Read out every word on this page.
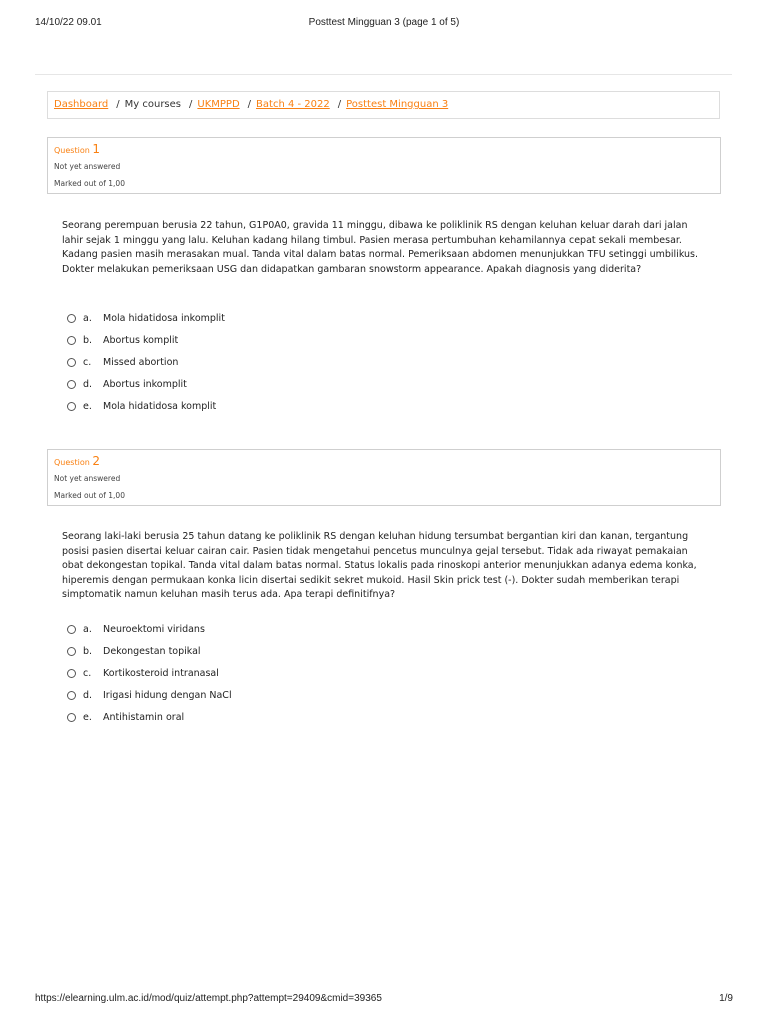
14/10/22 09.01	Posttest Mingguan 3 (page 1 of 5)
Dashboard / My courses / UKMPPD / Batch 4 - 2022 / Posttest Mingguan 3
Question 1
Not yet answered
Marked out of 1,00

Seorang perempuan berusia 22 tahun, G1P0A0, gravida 11 minggu, dibawa ke poliklinik RS dengan keluhan keluar darah dari jalan lahir sejak 1 minggu yang lalu. Keluhan kadang hilang timbul. Pasien merasa pertumbuhan kehamilannya cepat sekali membesar. Kadang pasien masih merasakan mual. Tanda vital dalam batas normal. Pemeriksaan abdomen menunjukkan TFU setinggi umbilikus. Dokter melakukan pemeriksaan USG dan didapatkan gambaran snowstorm appearance. Apakah diagnosis yang diderita?

a.	Mola hidatidosa inkomplit
b.	Abortus komplit
c.	Missed abortion
d.	Abortus inkomplit
e.	Mola hidatidosa komplit
Question 2
Not yet answered
Marked out of 1,00

Seorang laki-laki berusia 25 tahun datang ke poliklinik RS dengan keluhan hidung tersumbat bergantian kiri dan kanan, tergantung posisi pasien disertai keluar cairan cair. Pasien tidak mengetahui pencetus munculnya gejal tersebut. Tidak ada riwayat pemakaian obat dekongestan topikal. Tanda vital dalam batas normal. Status lokalis pada rinoskopi anterior menunjukkan adanya edema konka, hiperemis dengan permukaan konka licin disertai sedikit sekret mukoid. Hasil Skin prick test (-). Dokter sudah memberikan terapi simptomatik namun keluhan masih terus ada. Apa terapi definitifnya?

a.	Neuroektomi viridans
b.	Dekongestan topikal
c.	Kortikosteroid intranasal
d.	Irigasi hidung dengan NaCl
e.	Antihistamin oral
https://elearning.ulm.ac.id/mod/quiz/attempt.php?attempt=29409&cmid=39365	1/9
